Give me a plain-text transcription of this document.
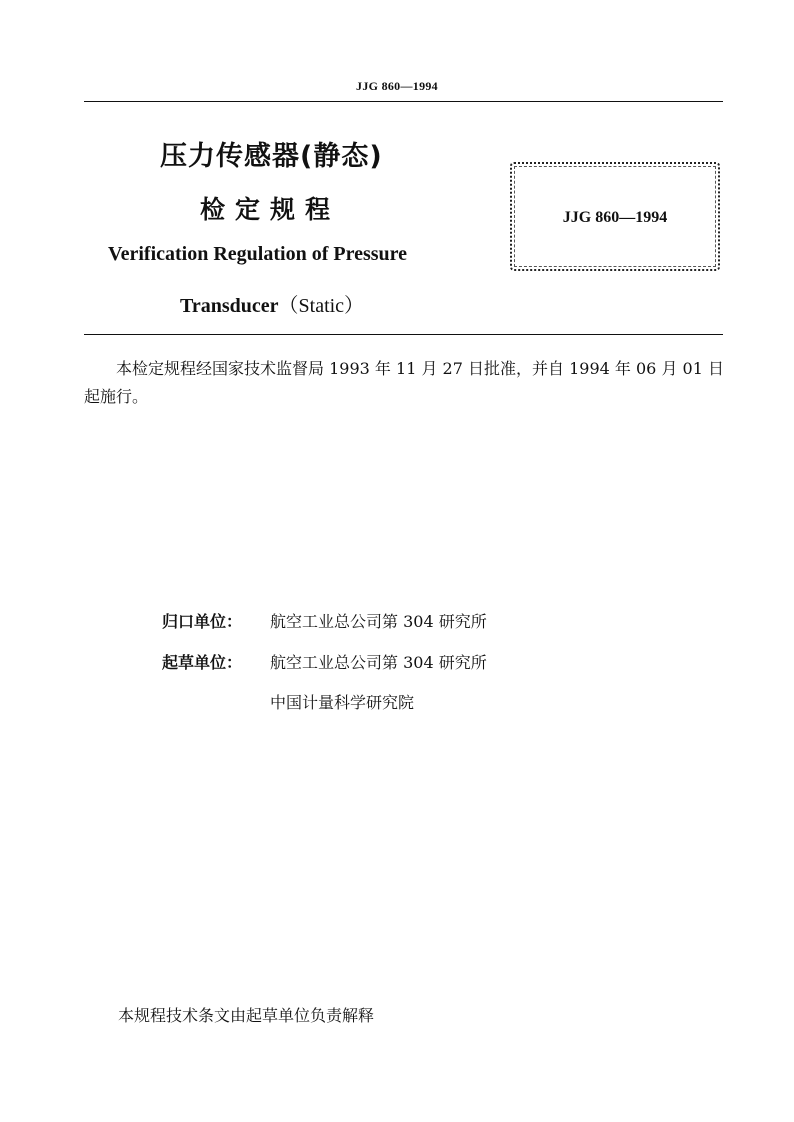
JJG 860—1994
压力传感器(静态)
检定规程
Verification Regulation of Pressure
Transducer（Static）
JJG 860—1994
本检定规程经国家技术监督局 1993 年 11 月 27 日批准，并自 1994 年 06 月 01 日起施行。
归口单位： 航空工业总公司第 304 研究所
起草单位： 航空工业总公司第 304 研究所
中国计量科学研究院
本规程技术条文由起草单位负责解释
